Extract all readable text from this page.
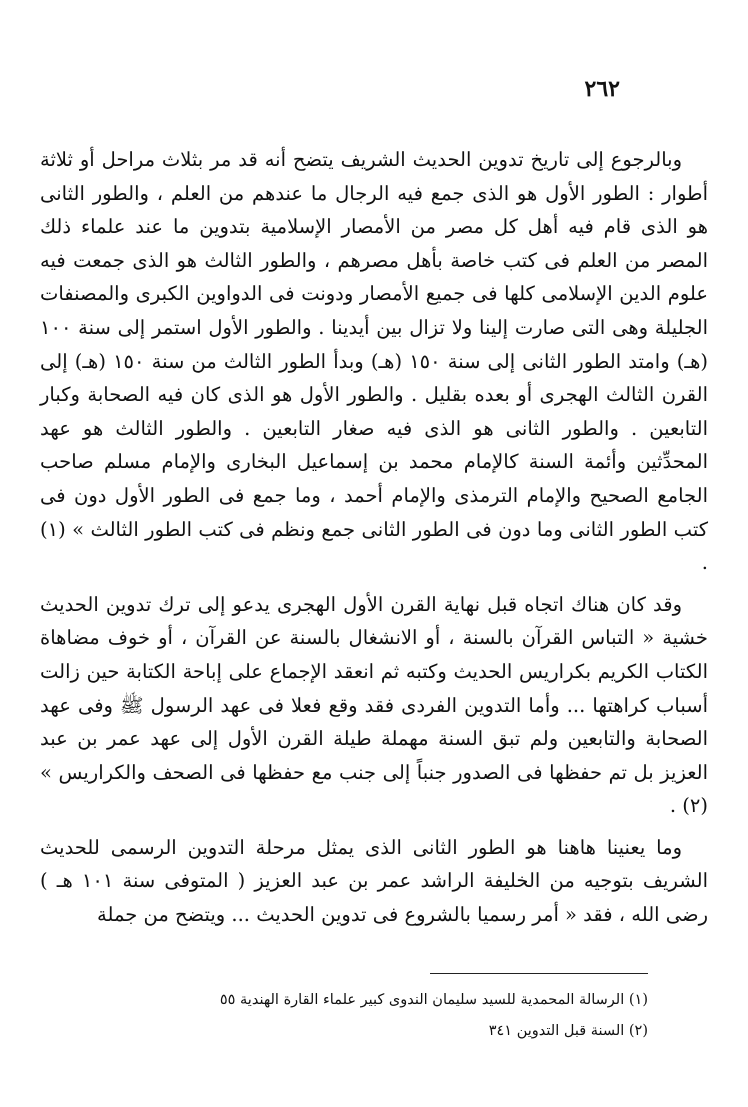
٢٦٢

وبالرجوع إلى تاريخ تدوين الحديث الشريف يتضح أنه قد مر بثلاث مراحل أو ثلاثة أطوار : الطور الأول هو الذى جمع فيه الرجال ما عندهم من العلم ، والطور الثانى هو الذى قام فيه أهل كل مصر من الأمصار الإسلامية بتدوين ما عند علماء ذلك المصر من العلم فى كتب خاصة بأهل مصرهم ، والطور الثالث هو الذى جمعت فيه علوم الدين الإسلامى كلها فى جميع الأمصار ودونت فى الدواوين الكبرى والمصنفات الجليلة وهى التى صارت إلينا ولا تزال بين أيدينا . والطور الأول استمر إلى سنة ١٠٠ (هـ) وامتد الطور الثانى إلى سنة ١٥٠ (هـ) وبدأ الطور الثالث من سنة ١٥٠ (هـ) إلى القرن الثالث الهجرى أو بعده بقليل . والطور الأول هو الذى كان فيه الصحابة وكبار التابعين . والطور الثانى هو الذى فيه صغار التابعين . والطور الثالث هو عهد المحدِّثين وأئمة السنة كالإمام محمد بن إسماعيل البخارى والإمام مسلم صاحب الجامع الصحيح والإمام الترمذى والإمام أحمد ، وما جمع فى الطور الأول دون فى كتب الطور الثانى وما دون فى الطور الثانى جمع ونظم فى كتب الطور الثالث » (١) .

وقد كان هناك اتجاه قبل نهاية القرن الأول الهجرى يدعو إلى ترك تدوين الحديث خشية « التباس القرآن بالسنة ، أو الانشغال بالسنة عن القرآن ، أو خوف مضاهاة الكتاب الكريم بكراريس الحديث وكتبه ثم انعقد الإجماع على إباحة الكتابة حين زالت أسباب كراهتها ... وأما التدوين الفردى فقد وقع فعلا فى عهد الرسول ﷺ وفى عهد الصحابة والتابعين ولم تبق السنة مهملة طيلة القرن الأول إلى عهد عمر بن عبد العزيز بل تم حفظها فى الصدور جنباً إلى جنب مع حفظها فى الصحف والكراريس » (٢) .

وما يعنينا هاهنا هو الطور الثانى الذى يمثل مرحلة التدوين الرسمى للحديث الشريف بتوجيه من الخليفة الراشد عمر بن عبد العزيز ( المتوفى سنة ١٠١ هـ ) رضى الله ، فقد « أمر رسميا بالشروع فى تدوين الحديث ... ويتضح من جملة

(١) الرسالة المحمدية للسيد سليمان الندوى كبير علماء القارة الهندية ٥٥
(٢) السنة قبل التدوين ٣٤١
